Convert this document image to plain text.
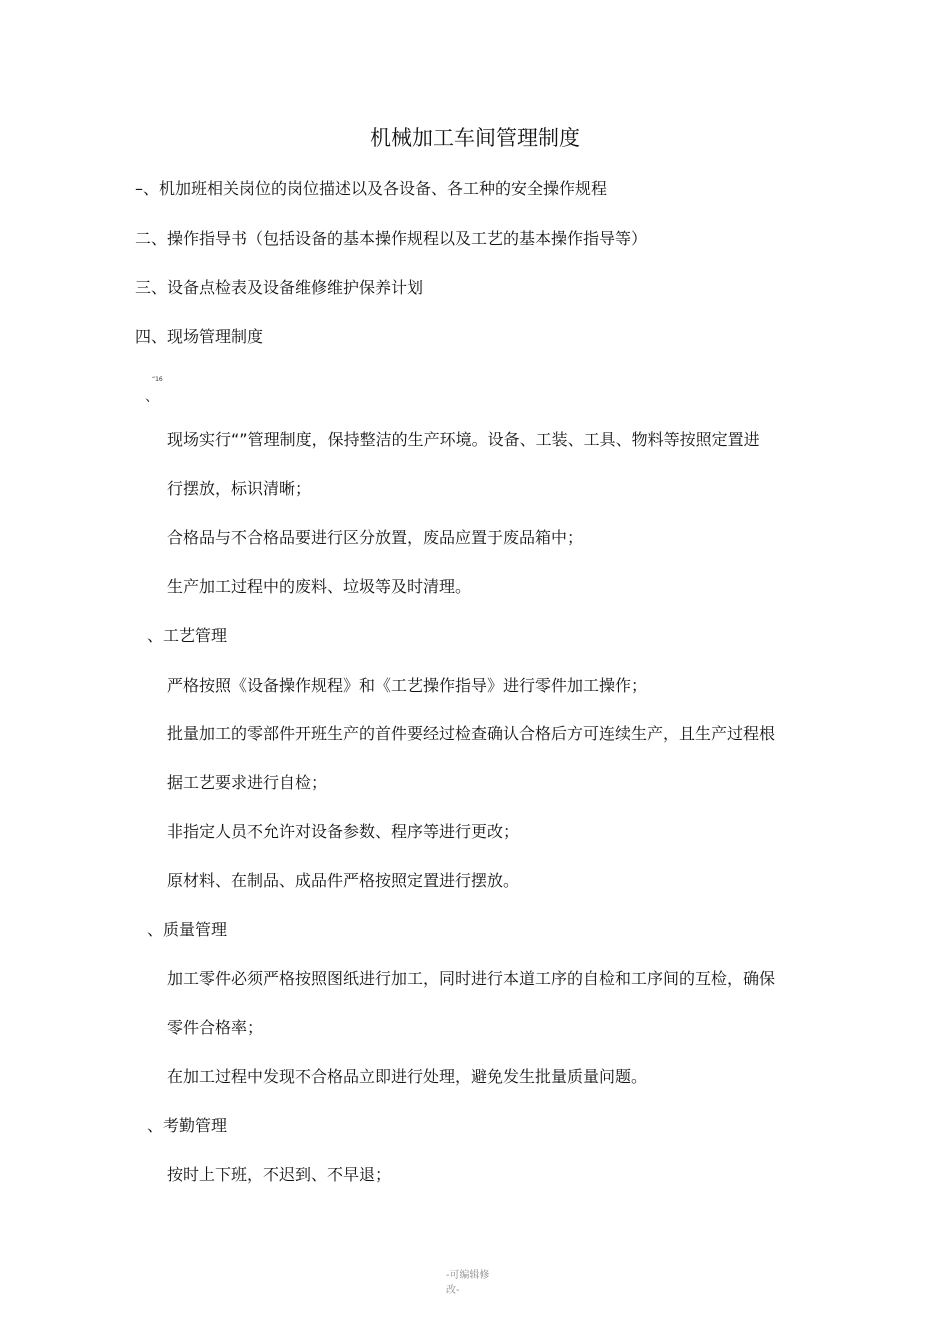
机械加工车间管理制度
–、机加班相关岗位的岗位描述以及各设备、各工种的安全操作规程
二、操作指导书（包括设备的基本操作规程以及工艺的基本操作指导等）
三、设备点检表及设备维修维护保养计划
四、现场管理制度
“16
、
现场实行“”管理制度，保持整洁的生产环境。设备、工装、工具、物料等按照定置进
行摆放，标识清晰；
合格品与不合格品要进行区分放置，废品应置于废品箱中；
生产加工过程中的废料、垃圾等及时清理。
、工艺管理
严格按照《设备操作规程》和《工艺操作指导》进行零件加工操作；
批量加工的零部件开班生产的首件要经过检查确认合格后方可连续生产，且生产过程根
据工艺要求进行自检；
非指定人员不允许对设备参数、程序等进行更改；
原材料、在制品、成品件严格按照定置进行摆放。
、质量管理
加工零件必须严格按照图纸进行加工，同时进行本道工序的自检和工序间的互检，确保
零件合格率；
在加工过程中发现不合格品立即进行处理，避免发生批量质量问题。
、考勤管理
按时上下班，不迟到、不早退；
-可编辑修
改-
